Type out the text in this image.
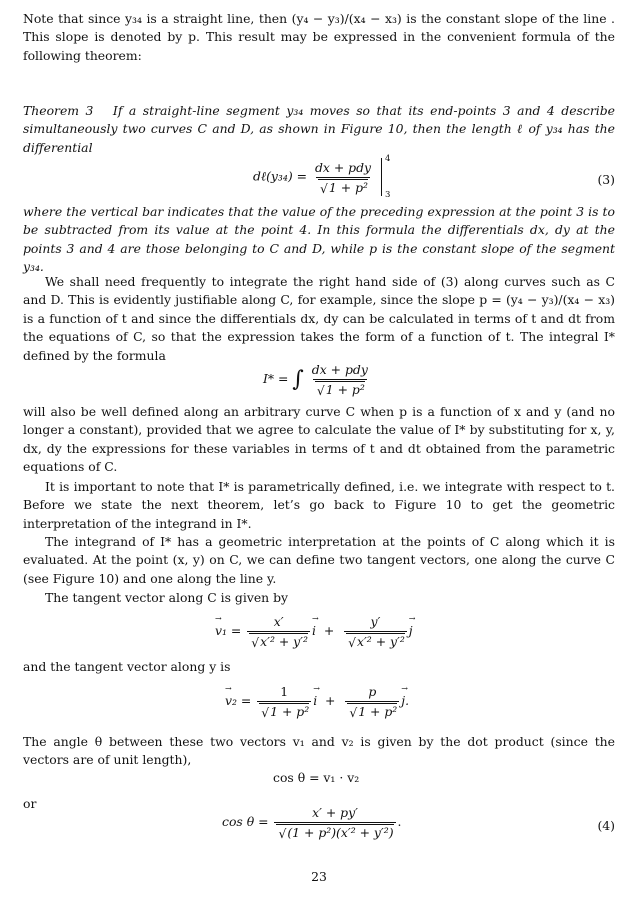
Note that since y₃₄ is a straight line, then (y₄ − y₃)/(x₄ − x₃) is the constant slope of the line . This slope is denoted by p. This result may be expressed in the convenient formula of the following theorem:

Theorem 3 If a straight-line segment y₃₄ moves so that its end-points 3 and 4 describe simultaneously two curves C and D, as shown in Figure 10, then the length ℓ of y₃₄ has the differential

dℓ(y₃₄) = dx + pdy
√ 1 + p²

4
3
(3)

where the vertical bar indicates that the value of the preceding expression at the point 3 is to be subtracted from its value at the point 4. In this formula the differentials dx, dy at the points 3 and 4 are those belonging to C and D, while p is the constant slope of the segment y₃₄.

We shall need frequently to integrate the right hand side of (3) along curves such as C and D. This is evidently justifiable along C, for example, since the slope p = (y₄ − y₃)/(x₄ − x₃) is a function of t and since the differentials dx, dy can be calculated in terms of t and dt from the equations of C, so that the expression takes the form of a function of t. The integral I* defined by the formula

I* = ∫ dx + pdy
√ 1 + p²

will also be well defined along an arbitrary curve C when p is a function of x and y (and no longer a constant), provided that we agree to calculate the value of I* by substituting for x, y, dx, dy the expressions for these variables in terms of t and dt obtained from the parametric equations of C.

It is important to note that I* is parametrically defined, i.e. we integrate with respect to t. Before we state the next theorem, let’s go back to Figure 10 to get the geometric interpretation of the integrand in I*.

The integrand of I* has a geometric interpretation at the points of C along which it is evaluated. At the point (x, y) on C, we can define two tangent vectors, one along the curve C (see Figure 10) and one along the line y.

The tangent vector along C is given by

→ v₁ = x′
√ x′² + y′² → i  + y′
√ x′² + y′² → j

and the tangent vector along y is

→ v₂ = 1
√ 1 + p² → i  + p
√ 1 + p² → j.

The angle θ between these two vectors v₁ and v₂ is given by the dot product (since the vectors are of unit length),

cos θ = v₁ · v₂

or

cos θ = x′ + py′
√ (1 + p²)(x′² + y′²) .	(4)
23
